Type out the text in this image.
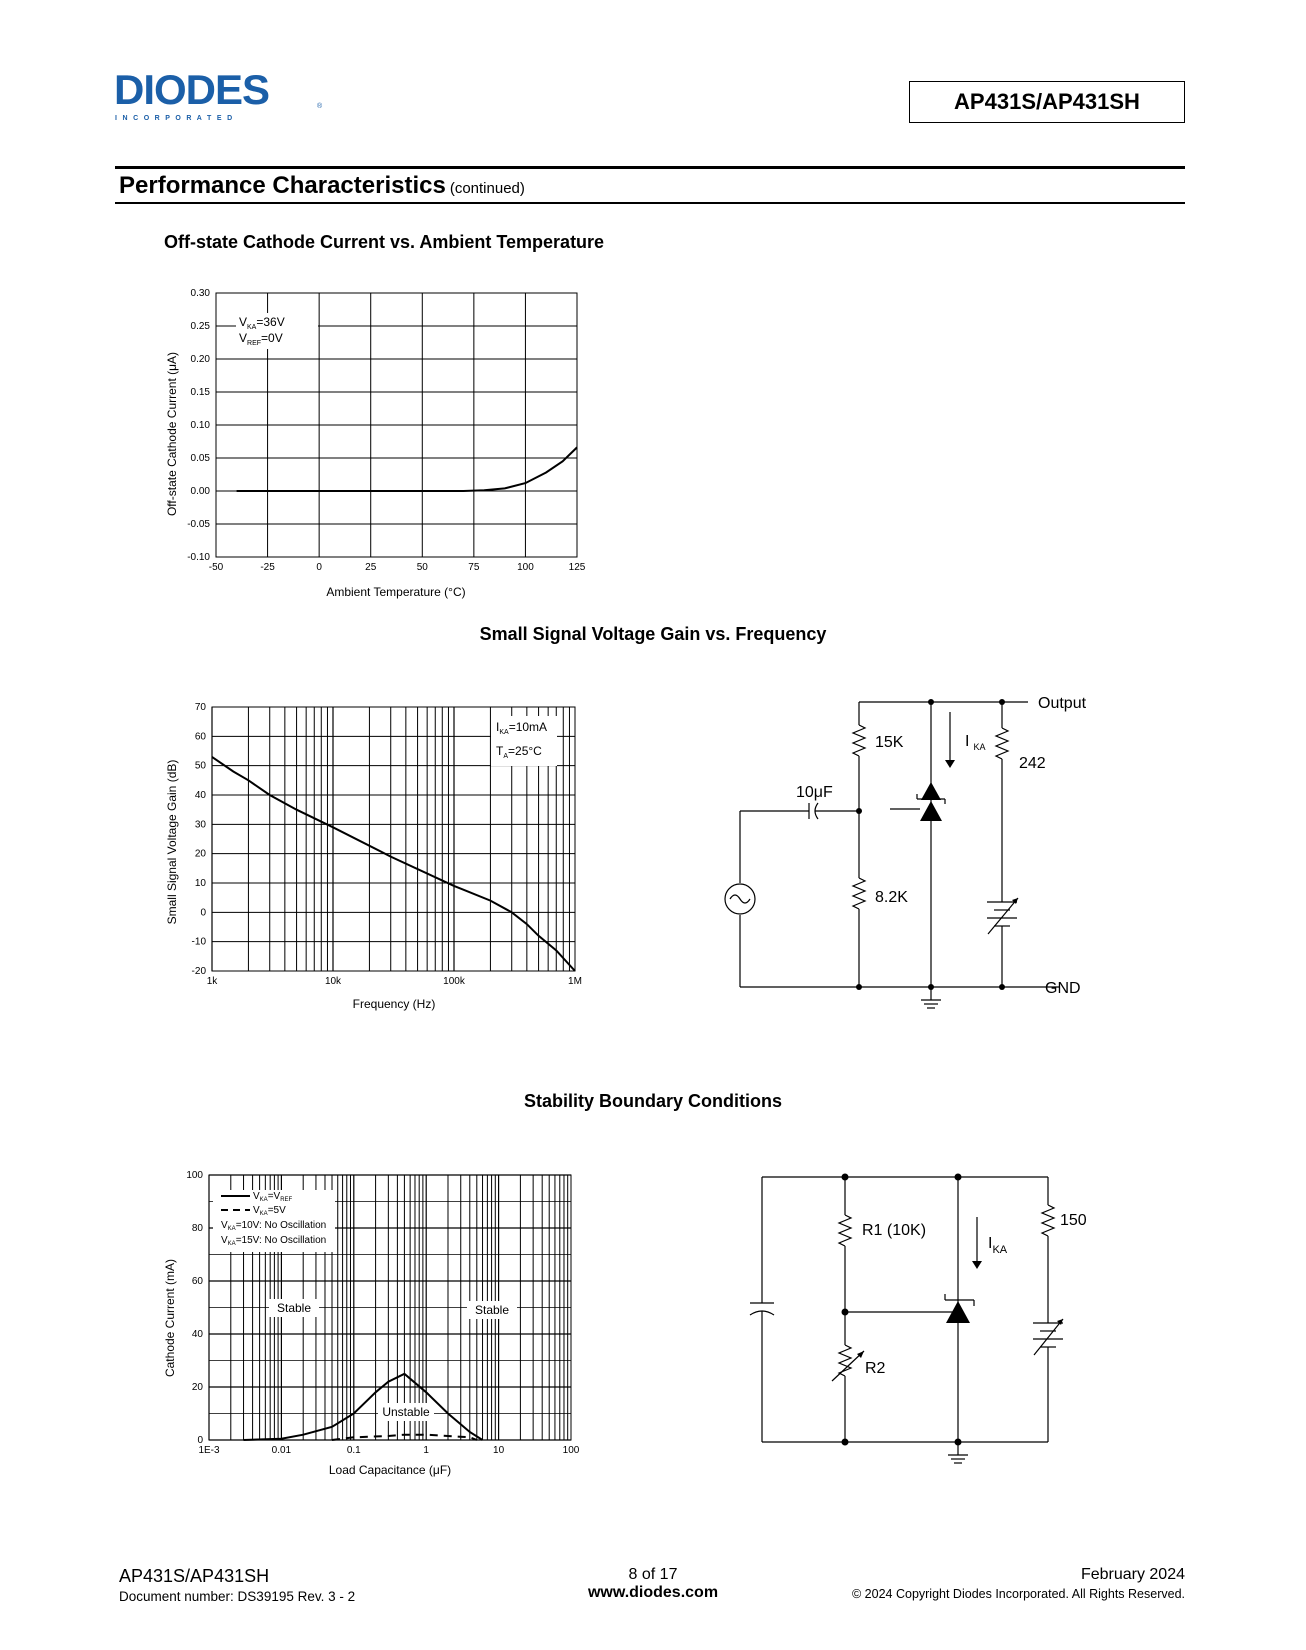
DIODES	®
I N C O R P O R A T E D
AP431S/AP431SH
Performance Characteristics (continued)
Off-state Cathode Current vs. Ambient Temperature
Small Signal Voltage Gain vs. Frequency
Stability Boundary Conditions
-50	-25	0	25	50	75	100	125
0.30
0.25
0.20
0.15
0.10
0.05
0.00
-0.05
-0.10
$V_{KA}=36V$
$V_{REF}=0V$
Off-state Cathode Current (μA)
Ambient Temperature (°C)
1k	10k	100k	1M
70
60
50
40
30
20
10
0
-10
-20
$I_{KA}=10mA$
$T_A=25^\circ C$
Small Signal Voltage Gain (dB)
Frequency (Hz)
1E-3	0.01	0.1	1	10	100
100
80
60
40
20
0
$V_{KA}=V_{REF}$
$V_{KA}=5V$
$V_{KA}=10V$: No Oscillation
$V_{KA}=15V$: No Oscillation
Stable	Stable
Unstable
Cathode Current (mA)
Load Capacitance (μF)
15K
8.2K
242
10μF
I $_{KA}$
Output
GND
R1 (10K)
R2
150
$I_{KA}$
AP431S/AP431SH
Document number: DS39195 Rev. 3 - 2
8 of 17
www.diodes.com
February 2024
© 2024 Copyright Diodes Incorporated. All Rights Reserved.
